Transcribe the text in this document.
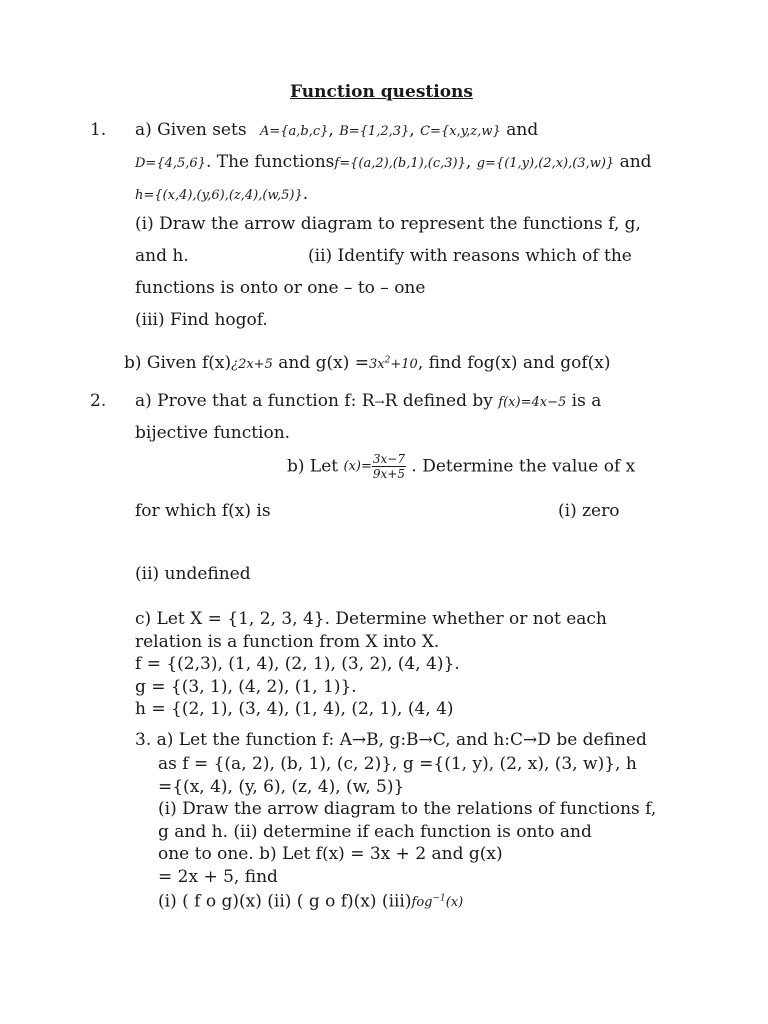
Function questions
1. a) Given sets A={a,b,c}, B={1,2,3}, C={x,y,z,w} and
D={4,5,6}. The functionsf={(a,2),(b,1),(c,3)}, g={(1,y),(2,x),(3,w)} and
h={(x,4),(y,6),(z,4),(w,5)}.
(i) Draw the arrow diagram to represent the functions f, g,
and h.	(ii) Identify with reasons which of the
functions is onto or one – to – one
(iii) Find hogof.
b) Given f(x)¿2x+5 and $g(x) =3x^2+10$, find fog(x) and gof(x)
2. a) Prove that a function f: R→R defined by f(x)=4x−5 is a
bijective function.
b) Let $(x)= \frac{3x-7}{9x+5}$ . Determine the value of x
for which f(x) is	(i) zero
(ii) undefined
c) Let X = {1, 2, 3, 4}. Determine whether or not each
relation is a function from X into X.
f = {(2,3), (1, 4), (2, 1), (3, 2), (4, 4)}.
g = {(3, 1), (4, 2), (1, 1)}.
h = {(2, 1), (3, 4), (1, 4), (2, 1), (4, 4)
3. a) Let the function f: A→B, g:B→C, and h:C→D be defined
as f = {(a, 2), (b, 1), (c, 2)}, g ={(1, y), (2, x), (3, w)}, h
={(x, 4), (y, 6), (z, 4), (w, 5)}
(i) Draw the arrow diagram to the relations of functions f,
g and h. (ii) determine if each function is onto and
one to one. b) Let f(x) = 3x + 2 and g(x)
= 2x + 5, find
(i) ( f o g)(x) (ii) ( g o f)(x) (iii)fog$^{-1}$(x)
